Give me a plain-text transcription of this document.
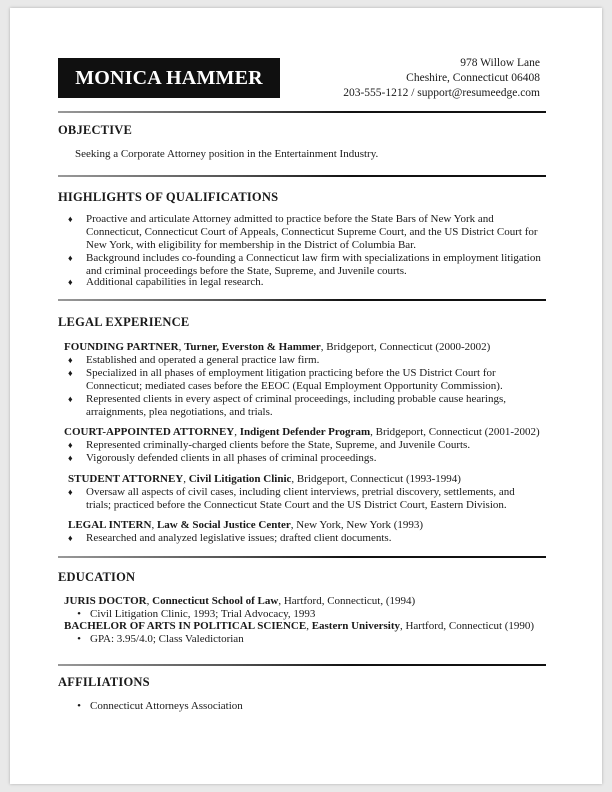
MONICA HAMMER
978 Willow Lane
Cheshire, Connecticut 06408
203-555-1212 / support@resumeedge.com
OBJECTIVE
Seeking a Corporate Attorney position in the Entertainment Industry.
HIGHLIGHTS OF QUALIFICATIONS
♦	Proactive and articulate Attorney admitted to practice before the State Bars of New York and Connecticut, Connecticut Court of Appeals, Connecticut Supreme Court, and the US District Court for New York, with eligibility for membership in the District of Columbia Bar.
♦	Background includes co-founding a Connecticut law firm with specializations in employment litigation and criminal proceedings before the State, Supreme, and Juvenile courts.
♦	Additional capabilities in legal research.
LEGAL EXPERIENCE
FOUNDING PARTNER, Turner, Everston & Hammer, Bridgeport, Connecticut (2000-2002)
♦	Established and operated a general practice law firm.
♦	Specialized in all phases of employment litigation practicing before the US District Court for Connecticut; mediated cases before the EEOC (Equal Employment Opportunity Commission).
♦	Represented clients in every aspect of criminal proceedings, including probable cause hearings, arraignments, plea negotiations, and trials.
COURT-APPOINTED ATTORNEY, Indigent Defender Program, Bridgeport, Connecticut (2001-2002)
♦	Represented criminally-charged clients before the State, Supreme, and Juvenile Courts.
♦	Vigorously defended clients in all phases of criminal proceedings.
STUDENT ATTORNEY, Civil Litigation Clinic, Bridgeport, Connecticut (1993-1994)
♦	Oversaw all aspects of civil cases, including client interviews, pretrial discovery, settlements, and trials; practiced before the Connecticut State Court and the US District Court, Eastern Division.
LEGAL INTERN, Law & Social Justice Center, New York, New York (1993)
♦	Researched and analyzed legislative issues; drafted client documents.
EDUCATION
JURIS DOCTOR, Connecticut School of Law, Hartford, Connecticut, (1994)
• Civil Litigation Clinic, 1993; Trial Advocacy, 1993
BACHELOR OF ARTS IN POLITICAL SCIENCE, Eastern University, Hartford, Connecticut (1990)
• GPA: 3.95/4.0; Class Valedictorian
AFFILIATIONS
• Connecticut Attorneys Association
